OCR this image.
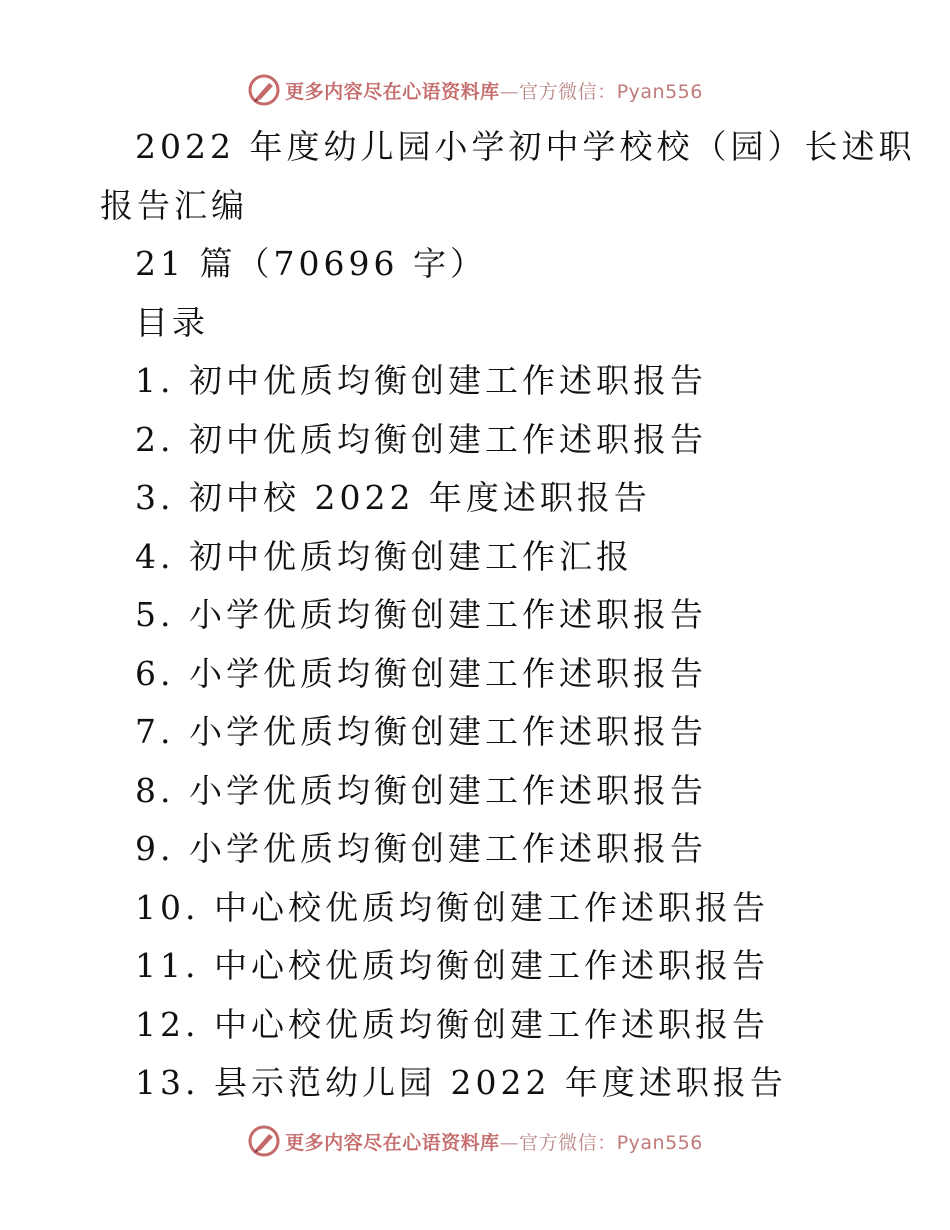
更多内容尽在心语资料库—官方微信：Pyan556
2022 年度幼儿园小学初中学校校（园）长述职
报告汇编
21 篇（70696 字）
目录
1. 初中优质均衡创建工作述职报告
2. 初中优质均衡创建工作述职报告
3. 初中校 2022 年度述职报告
4. 初中优质均衡创建工作汇报
5. 小学优质均衡创建工作述职报告
6. 小学优质均衡创建工作述职报告
7. 小学优质均衡创建工作述职报告
8. 小学优质均衡创建工作述职报告
9. 小学优质均衡创建工作述职报告
10. 中心校优质均衡创建工作述职报告
11. 中心校优质均衡创建工作述职报告
12. 中心校优质均衡创建工作述职报告
13. 县示范幼儿园 2022 年度述职报告
更多内容尽在心语资料库—官方微信：Pyan556
